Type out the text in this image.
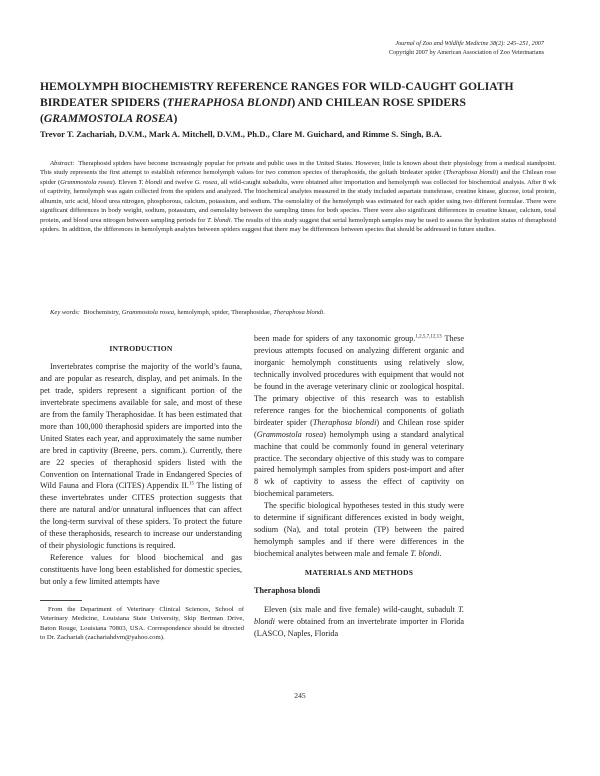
Journal of Zoo and Wildlife Medicine 38(2): 245–251, 2007
Copyright 2007 by American Association of Zoo Veterinarians
HEMOLYMPH BIOCHEMISTRY REFERENCE RANGES FOR WILD-CAUGHT GOLIATH BIRDEATER SPIDERS (THERAPHOSA BLONDI) AND CHILEAN ROSE SPIDERS (GRAMMOSTOLA ROSEA)
Trevor T. Zachariah, D.V.M., Mark A. Mitchell, D.V.M., Ph.D., Clare M. Guichard, and Rimme S. Singh, B.A.
Abstract: Theraphosid spiders have become increasingly popular for private and public uses in the United States. However, little is known about their physiology from a medical standpoint. This study represents the first attempt to establish reference hemolymph values for two common species of theraphosids, the goliath birdeater spider (Theraphosa blondi) and the Chilean rose spider (Grammostola rosea). Eleven T. blondi and twelve G. rosea, all wild-caught subadults, were obtained after importation and hemolymph was collected for biochemical analysis. After 8 wk of captivity, hemolymph was again collected from the spiders and analyzed. The biochemical analytes measured in the study included aspartate transferase, creatine kinase, glucose, total protein, albumin, uric acid, blood urea nitrogen, phosphorous, calcium, potassium, and sodium. The osmolality of the hemolymph was estimated for each spider using two different formulae. There were significant differences in body weight, sodium, potassium, and osmolality between the sampling times for both species. There were also significant differences in creatine kinase, calcium, total protein, and blood urea nitrogen between sampling periods for T. blondi. The results of this study suggest that serial hemolymph samples may be used to assess the hydration status of theraphosid spiders. In addition, the differences in hemolymph analytes between spiders suggest that there may be differences between species that should be addressed in future studies.
Key words: Biochemistry, Grammostola rosea, hemolymph, spider, Theraphosidae, Theraphosa blondi.
INTRODUCTION

Invertebrates comprise the majority of the world’s fauna, and are popular as research, display, and pet animals. In the pet trade, spiders represent a significant portion of the invertebrate specimens available for sale, and most of these are from the family Theraphosidae. It has been estimated that more than 100,000 theraphosid spiders are imported into the United States each year, and approximately the same number are bred in captivity (Breene, pers. comm.). Currently, there are 22 species of theraphosid spiders listed with the Convention on International Trade in Endangered Species of Wild Fauna and Flora (CITES) Appendix II.$^{15}$ The listing of these invertebrates under CITES protection suggests that there are natural and/or unnatural influences that can affect the long-term survival of these spiders. To protect the future of these theraphosids, research to increase our understanding of their physiologic functions is required.

Reference values for blood biochemical and gas constituents have long been established for domestic species, but only a few limited attempts have

been made for spiders of any taxonomic group.$^{1,2,5,7,12,13}$ These previous attempts focused on analyzing different organic and inorganic hemolymph constituents using relatively slow, technically involved procedures with equipment that would not be found in the average veterinary clinic or zoological hospital. The primary objective of this research was to establish reference ranges for the biochemical components of goliath birdeater spider (Theraphosa blondi) and Chilean rose spider (Grammostola rosea) hemolymph using a standard analytical machine that could be commonly found in general veterinary practice. The secondary objective of this study was to compare paired hemolymph samples from spiders post-import and after 8 wk of captivity to assess the effect of captivity on biochemical parameters.

The specific biological hypotheses tested in this study were to determine if significant differences existed in body weight, sodium (Na), and total protein (TP) between the paired hemolymph samples and if there were differences in the biochemical analytes between male and female T. blondi.

MATERIALS AND METHODS
Theraphosa blondi

Eleven (six male and five female) wild-caught, subadult T. blondi were obtained from an invertebrate importer in Florida (LASCO, Naples, Florida

From the Department of Veterinary Clinical Sciences, School of Veterinary Medicine, Louisiana State University, Skip Bertman Drive, Baton Rouge, Louisiana 70803, USA. Correspondence should be directed to Dr. Zachariah (zachariahdvm@yahoo.com).
245
